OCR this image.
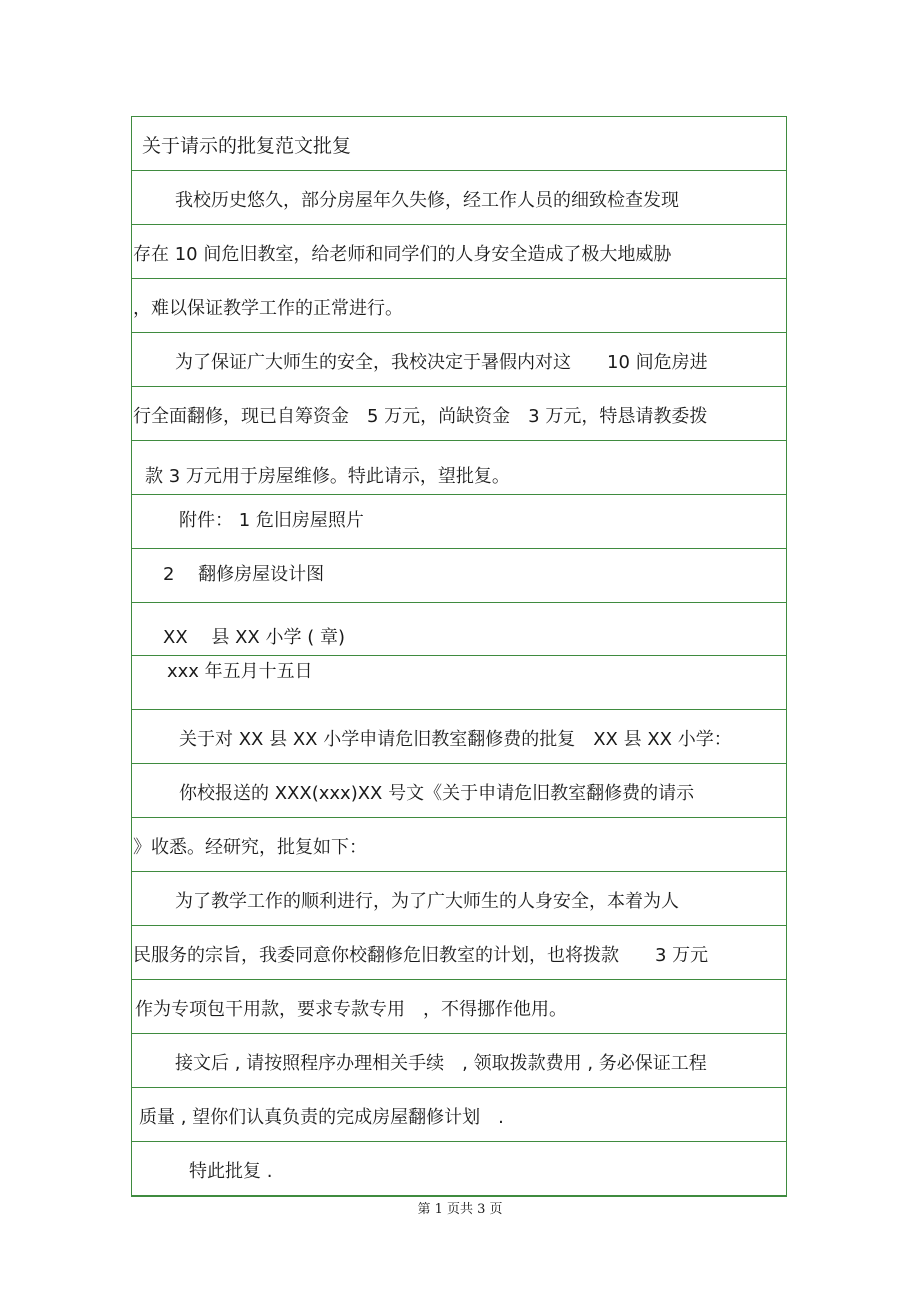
关于请示的批复范文批复
我校历史悠久，部分房屋年久失修，经工作人员的细致检查发现
存在 10 间危旧教室，给老师和同学们的人身安全造成了极大地威胁
，难以保证教学工作的正常进行。
为了保证广大师生的安全，我校决定于暑假内对这　　10 间危房进
行全面翻修，现已自筹资金　5 万元，尚缺资金　3 万元，特恳请教委拨
款 3 万元用于房屋维修。特此请示，望批复。
附件： 1 危旧房屋照片
2　 翻修房屋设计图
XX　 县 XX 小学 ( 章)
xxx 年五月十五日
关于对 XX 县 XX 小学申请危旧教室翻修费的批复　XX 县 XX 小学：
你校报送的 XXX(xxx)XX 号文《关于申请危旧教室翻修费的请示
》收悉。经研究，批复如下：
为了教学工作的顺利进行，为了广大师生的人身安全，本着为人
民服务的宗旨，我委同意你校翻修危旧教室的计划，也将拨款　　3 万元
作为专项包干用款，要求专款专用　，不得挪作他用。
接文后 , 请按照程序办理相关手续　, 领取拨款费用 , 务必保证工程
质量 , 望你们认真负责的完成房屋翻修计划　.
特此批复 .
第 1 页共 3 页
